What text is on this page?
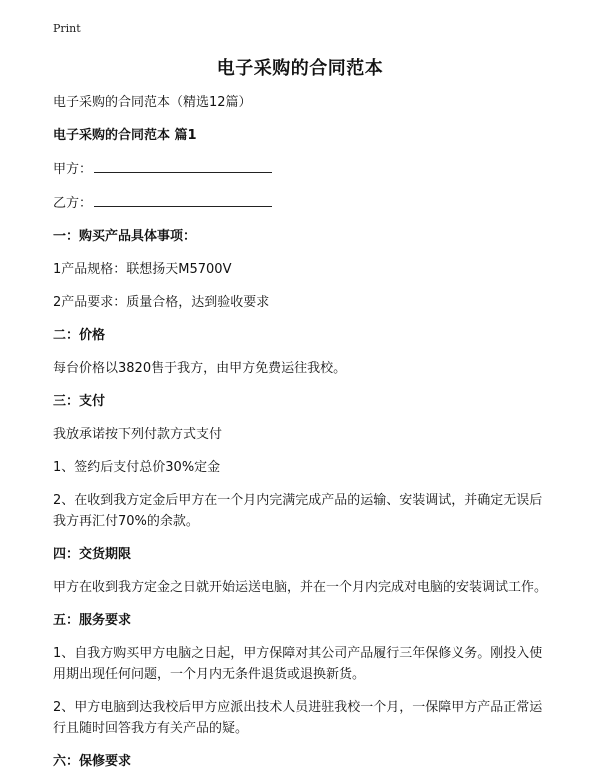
Print
电子采购的合同范本
电子采购的合同范本（精选12篇）
电子采购的合同范本 篇1
甲方：
乙方：
一：购买产品具体事项：
1产品规格：联想扬天M5700V
2产品要求：质量合格，达到验收要求
二：价格
每台价格以3820售于我方，由甲方免费运往我校。
三：支付
我放承诺按下列付款方式支付
1、签约后支付总价30%定金
2、在收到我方定金后甲方在一个月内完满完成产品的运输、安装调试，并确定无误后我方再汇付70%的余款。
四：交货期限
甲方在收到我方定金之日就开始运送电脑，并在一个月内完成对电脑的安装调试工作。
五：服务要求
1、自我方购买甲方电脑之日起，甲方保障对其公司产品履行三年保修义务。刚投入使用期出现任何问题，一个月内无条件退货或退换新货。
2、甲方电脑到达我校后甲方应派出技术人员进驻我校一个月，一保障甲方产品正常运行且随时回答我方有关产品的疑。
六：保修要求
